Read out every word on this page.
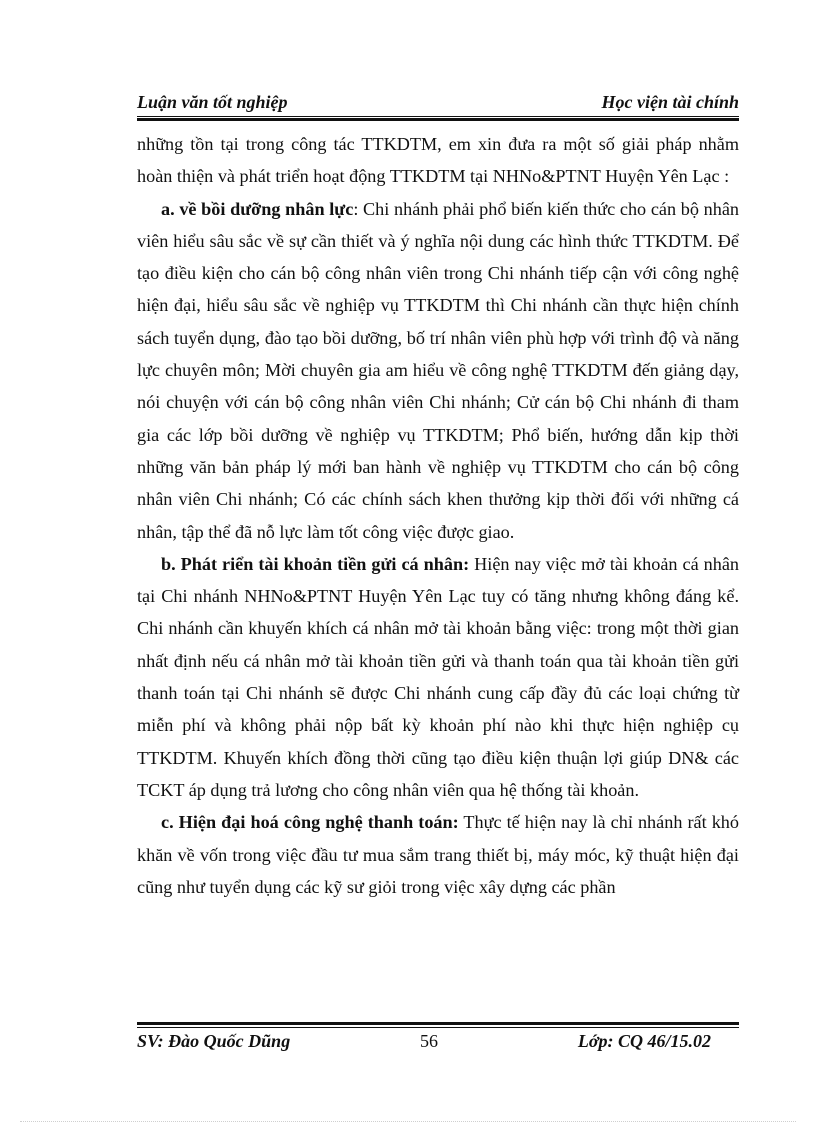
Luận văn tốt nghiệp	Học viện tài chính

những tồn tại trong công tác TTKDTM, em xin đưa ra một số giải pháp nhằm hoàn thiện và phát triển hoạt động TTKDTM tại NHNo&PTNT Huyện Yên Lạc :

a. về bồi dưỡng nhân lực: Chi nhánh phải phổ biến kiến thức cho cán bộ nhân viên hiểu sâu sắc về sự cần thiết và ý nghĩa nội dung các hình thức TTKDTM. Để tạo điều kiện cho cán bộ công nhân viên trong Chi nhánh tiếp cận với công nghệ hiện đại, hiểu sâu sắc về nghiệp vụ TTKDTM thì Chi nhánh cần thực hiện chính sách tuyển dụng, đào tạo bồi dưỡng, bố trí nhân viên phù hợp với trình độ và năng lực chuyên môn; Mời chuyên gia am hiểu về công nghệ TTKDTM đến giảng dạy, nói chuyện với cán bộ công nhân viên Chi nhánh; Cử cán bộ Chi nhánh đi tham gia các lớp bồi dưỡng về nghiệp vụ TTKDTM; Phổ biến, hướng dẫn kịp thời những văn bản pháp lý mới ban hành về nghiệp vụ TTKDTM cho cán bộ công nhân viên Chi nhánh; Có các chính sách khen thưởng kịp thời đối với những cá nhân, tập thể đã nỗ lực làm tốt công việc được giao.

b. Phát riển tài khoản tiền gửi cá nhân: Hiện nay việc mở tài khoản cá nhân tại Chi nhánh NHNo&PTNT Huyện Yên Lạc tuy có tăng nhưng không đáng kể. Chi nhánh cần khuyến khích cá nhân mở tài khoản bằng việc: trong một thời gian nhất định nếu cá nhân mở tài khoản tiền gửi và thanh toán qua tài khoản tiền gửi thanh toán tại Chi nhánh sẽ được Chi nhánh cung cấp đầy đủ các loại chứng từ miễn phí và không phải nộp bất kỳ khoản phí nào khi thực hiện nghiệp cụ TTKDTM. Khuyến khích đồng thời cũng tạo điều kiện thuận lợi giúp DN& các TCKT áp dụng trả lương cho công nhân viên qua hệ thống tài khoản.

c. Hiện đại hoá công nghệ thanh toán: Thực tế hiện nay là chỉ nhánh rất khó khăn về vốn trong việc đầu tư mua sắm trang thiết bị, máy móc, kỹ thuật hiện đại cũng như tuyển dụng các kỹ sư giỏi trong việc xây dựng các phần

SV: Đào Quốc Dũng	56	Lớp: CQ 46/15.02
